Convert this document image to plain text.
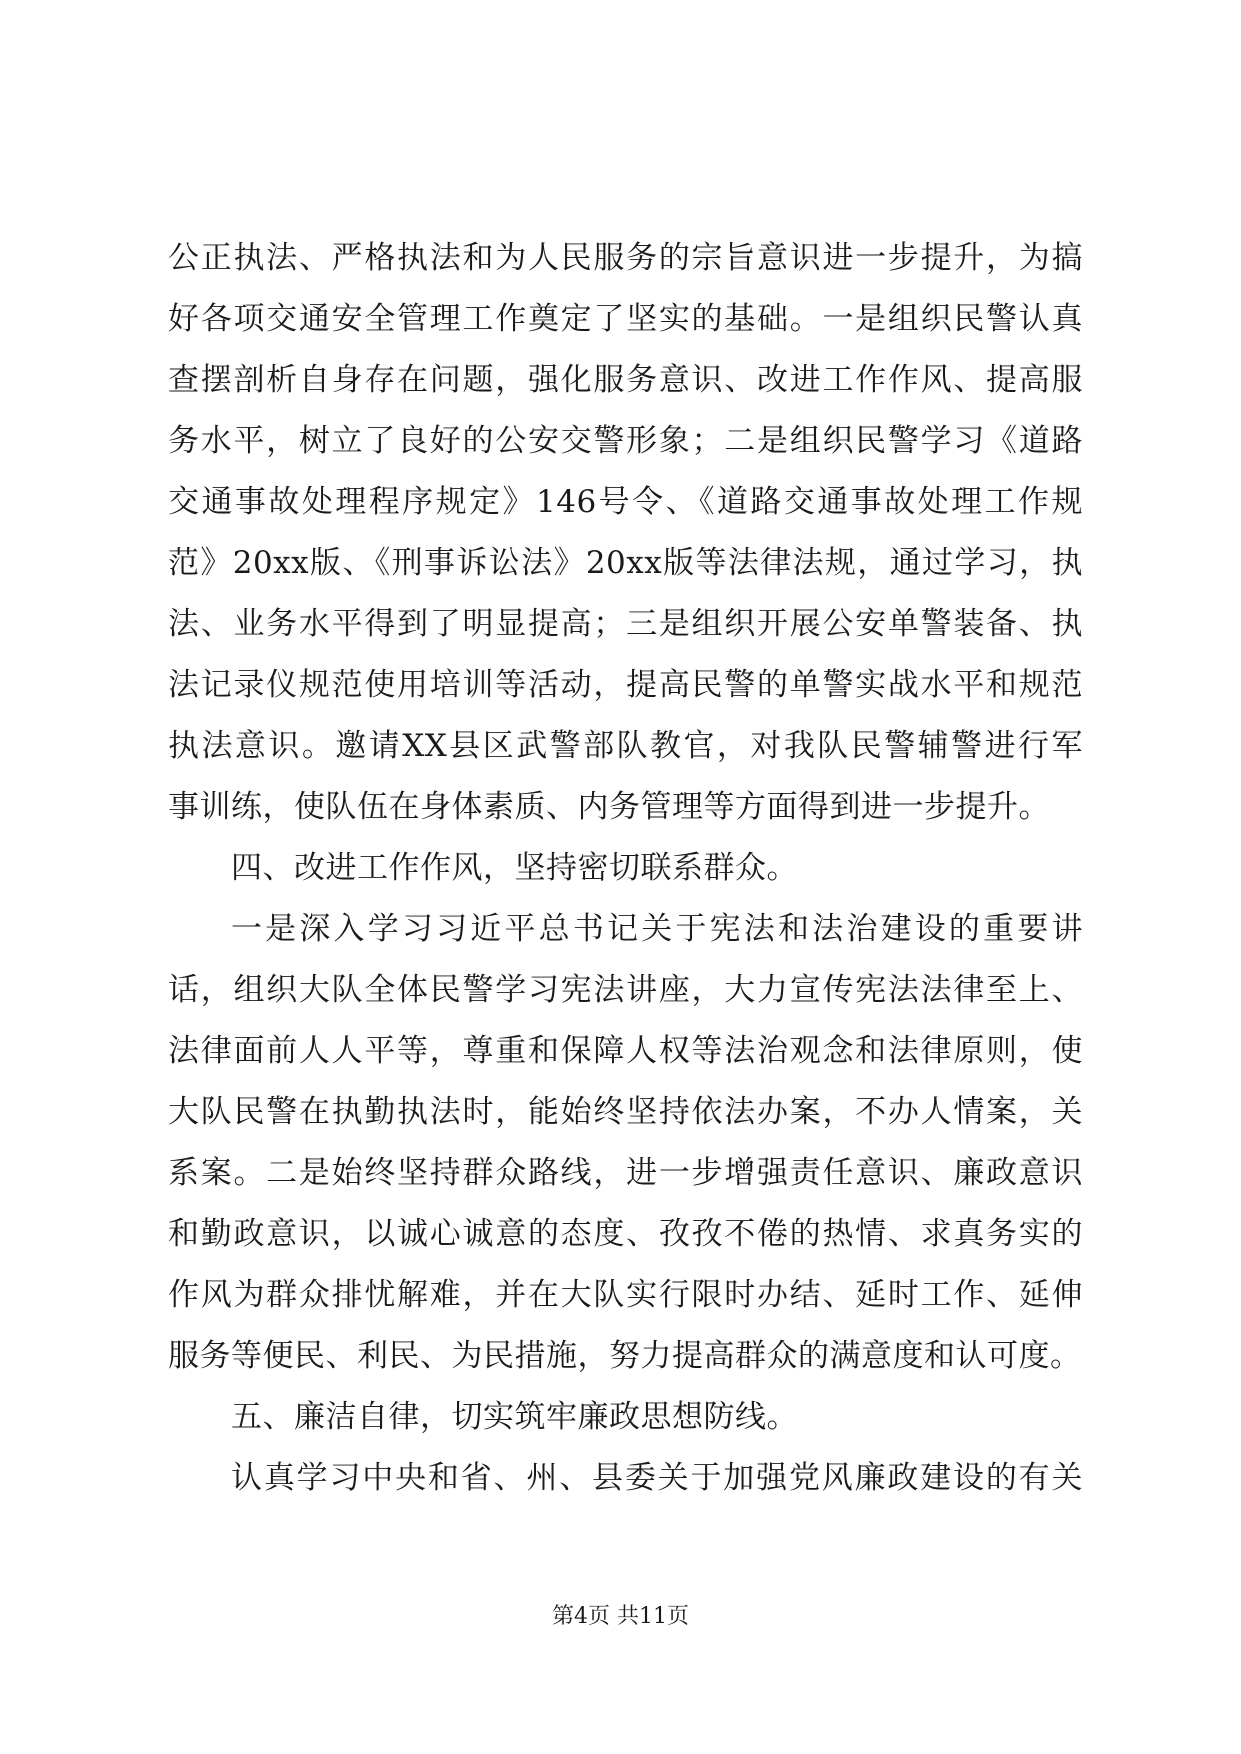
公正执法、严格执法和为人民服务的宗旨意识进一步提升，为搞
好各项交通安全管理工作奠定了坚实的基础。一是组织民警认真
查摆剖析自身存在问题，强化服务意识、改进工作作风、提高服
务水平，树立了良好的公安交警形象；二是组织民警学习《道路
交通事故处理程序规定》146号令、《道路交通事故处理工作规
范》20xx版、《刑事诉讼法》20xx版等法律法规，通过学习，执
法、业务水平得到了明显提高；三是组织开展公安单警装备、执
法记录仪规范使用培训等活动，提高民警的单警实战水平和规范
执法意识。邀请XX县区武警部队教官，对我队民警辅警进行军
事训练，使队伍在身体素质、内务管理等方面得到进一步提升。
四、改进工作作风，坚持密切联系群众。
一是深入学习习近平总书记关于宪法和法治建设的重要讲
话，组织大队全体民警学习宪法讲座，大力宣传宪法法律至上、
法律面前人人平等，尊重和保障人权等法治观念和法律原则，使
大队民警在执勤执法时，能始终坚持依法办案，不办人情案，关
系案。二是始终坚持群众路线，进一步增强责任意识、廉政意识
和勤政意识，以诚心诚意的态度、孜孜不倦的热情、求真务实的
作风为群众排忧解难，并在大队实行限时办结、延时工作、延伸
服务等便民、利民、为民措施，努力提高群众的满意度和认可度。
五、廉洁自律，切实筑牢廉政思想防线。
认真学习中央和省、州、县委关于加强党风廉政建设的有关
第4页 共11页
